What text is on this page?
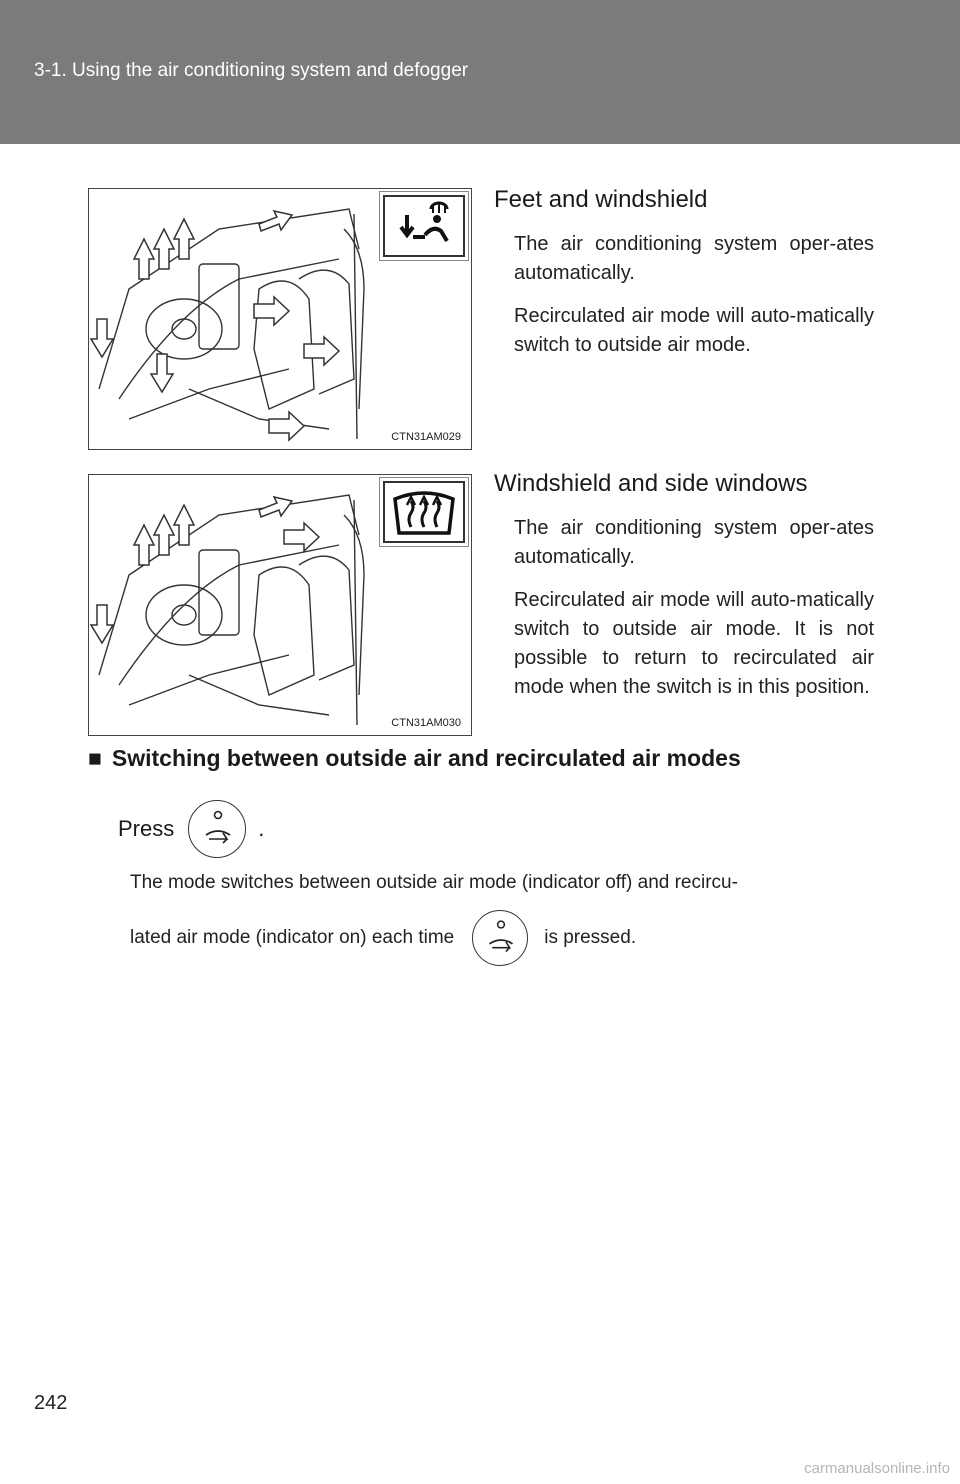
3-1. Using the air conditioning system and defogger
CTN31AM029
Feet and windshield

The air conditioning system oper-ates automatically.

Recirculated air mode will auto-matically switch to outside air mode.

CTN31AM030
Windshield and side windows

The air conditioning system oper-ates automatically.

Recirculated air mode will auto-matically switch to outside air mode. It is not possible to return to recirculated air mode when the switch is in this position.

■ Switching between outside air and recirculated air modes
Press	.
The mode switches between outside air mode (indicator off) and recircu-
lated air mode (indicator on) each time	is pressed.
242
carmanualsonline.info
